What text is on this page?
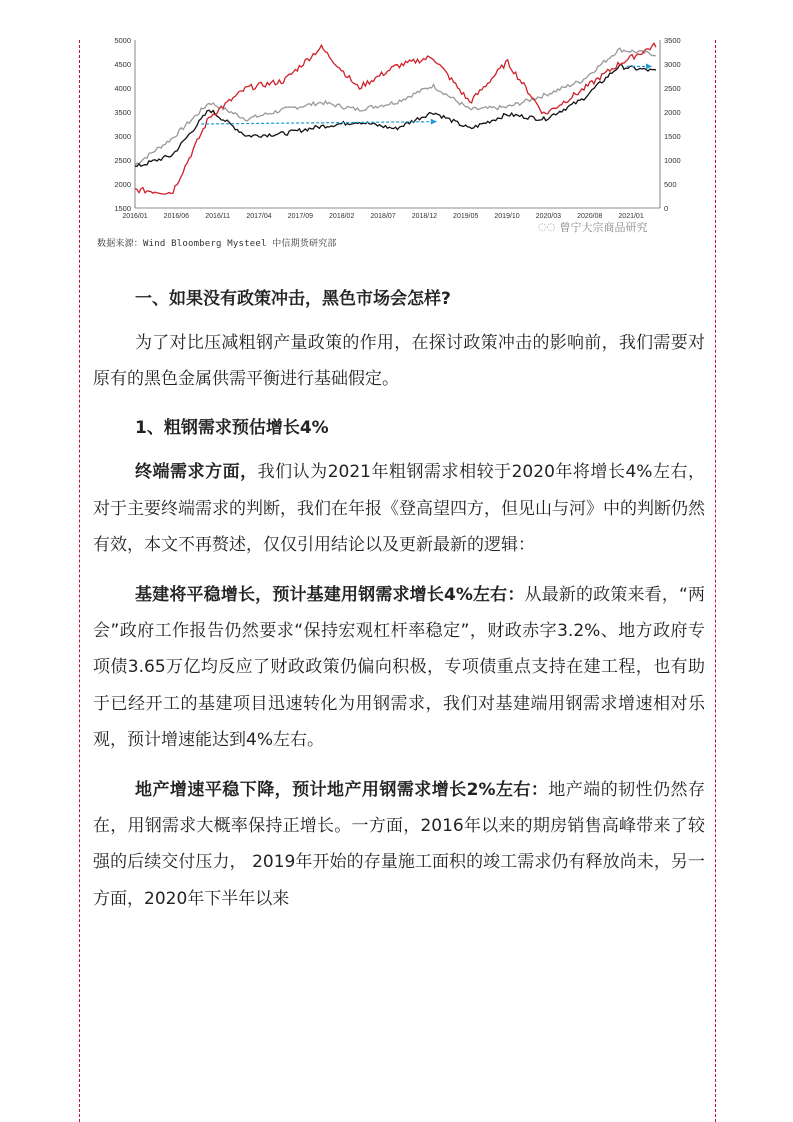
5000
4500
4000
3500
3000
2500
2000
1500
3500
3000
2500
2000
1500
1000
500
0
2016/01 2016/06 2016/11 2017/04 2017/09 2018/02 2018/07 2018/12 2019/05 2019/10 2020/03 2020/08 2021/01
◌◌ 曾宁大宗商品研究
数据来源：Wind Bloomberg Mysteel 中信期货研究部
一、如果没有政策冲击，黑色市场会怎样?

为了对比压减粗钢产量政策的作用，在探讨政策冲击的影响前，我们需要对原有的黑色金属供需平衡进行基础假定。

1、粗钢需求预估增长4%

终端需求方面，我们认为2021年粗钢需求相较于2020年将增长4%左右，对于主要终端需求的判断，我们在年报《登高望四方，但见山与河》中的判断仍然有效，本文不再赘述，仅仅引用结论以及更新最新的逻辑：

基建将平稳增长，预计基建用钢需求增长4%左右：从最新的政策来看，“两会”政府工作报告仍然要求“保持宏观杠杆率稳定”，财政赤字3.2%、地方政府专项债3.65万亿均反应了财政政策仍偏向积极，专项债重点支持在建工程，也有助于已经开工的基建项目迅速转化为用钢需求，我们对基建端用钢需求增速相对乐观，预计增速能达到4%左右。

地产增速平稳下降，预计地产用钢需求增长2%左右：地产端的韧性仍然存在，用钢需求大概率保持正增长。一方面，2016年以来的期房销售高峰带来了较强的后续交付压力， 2019年开始的存量施工面积的竣工需求仍有释放尚未，另一方面，2020年下半年以来
